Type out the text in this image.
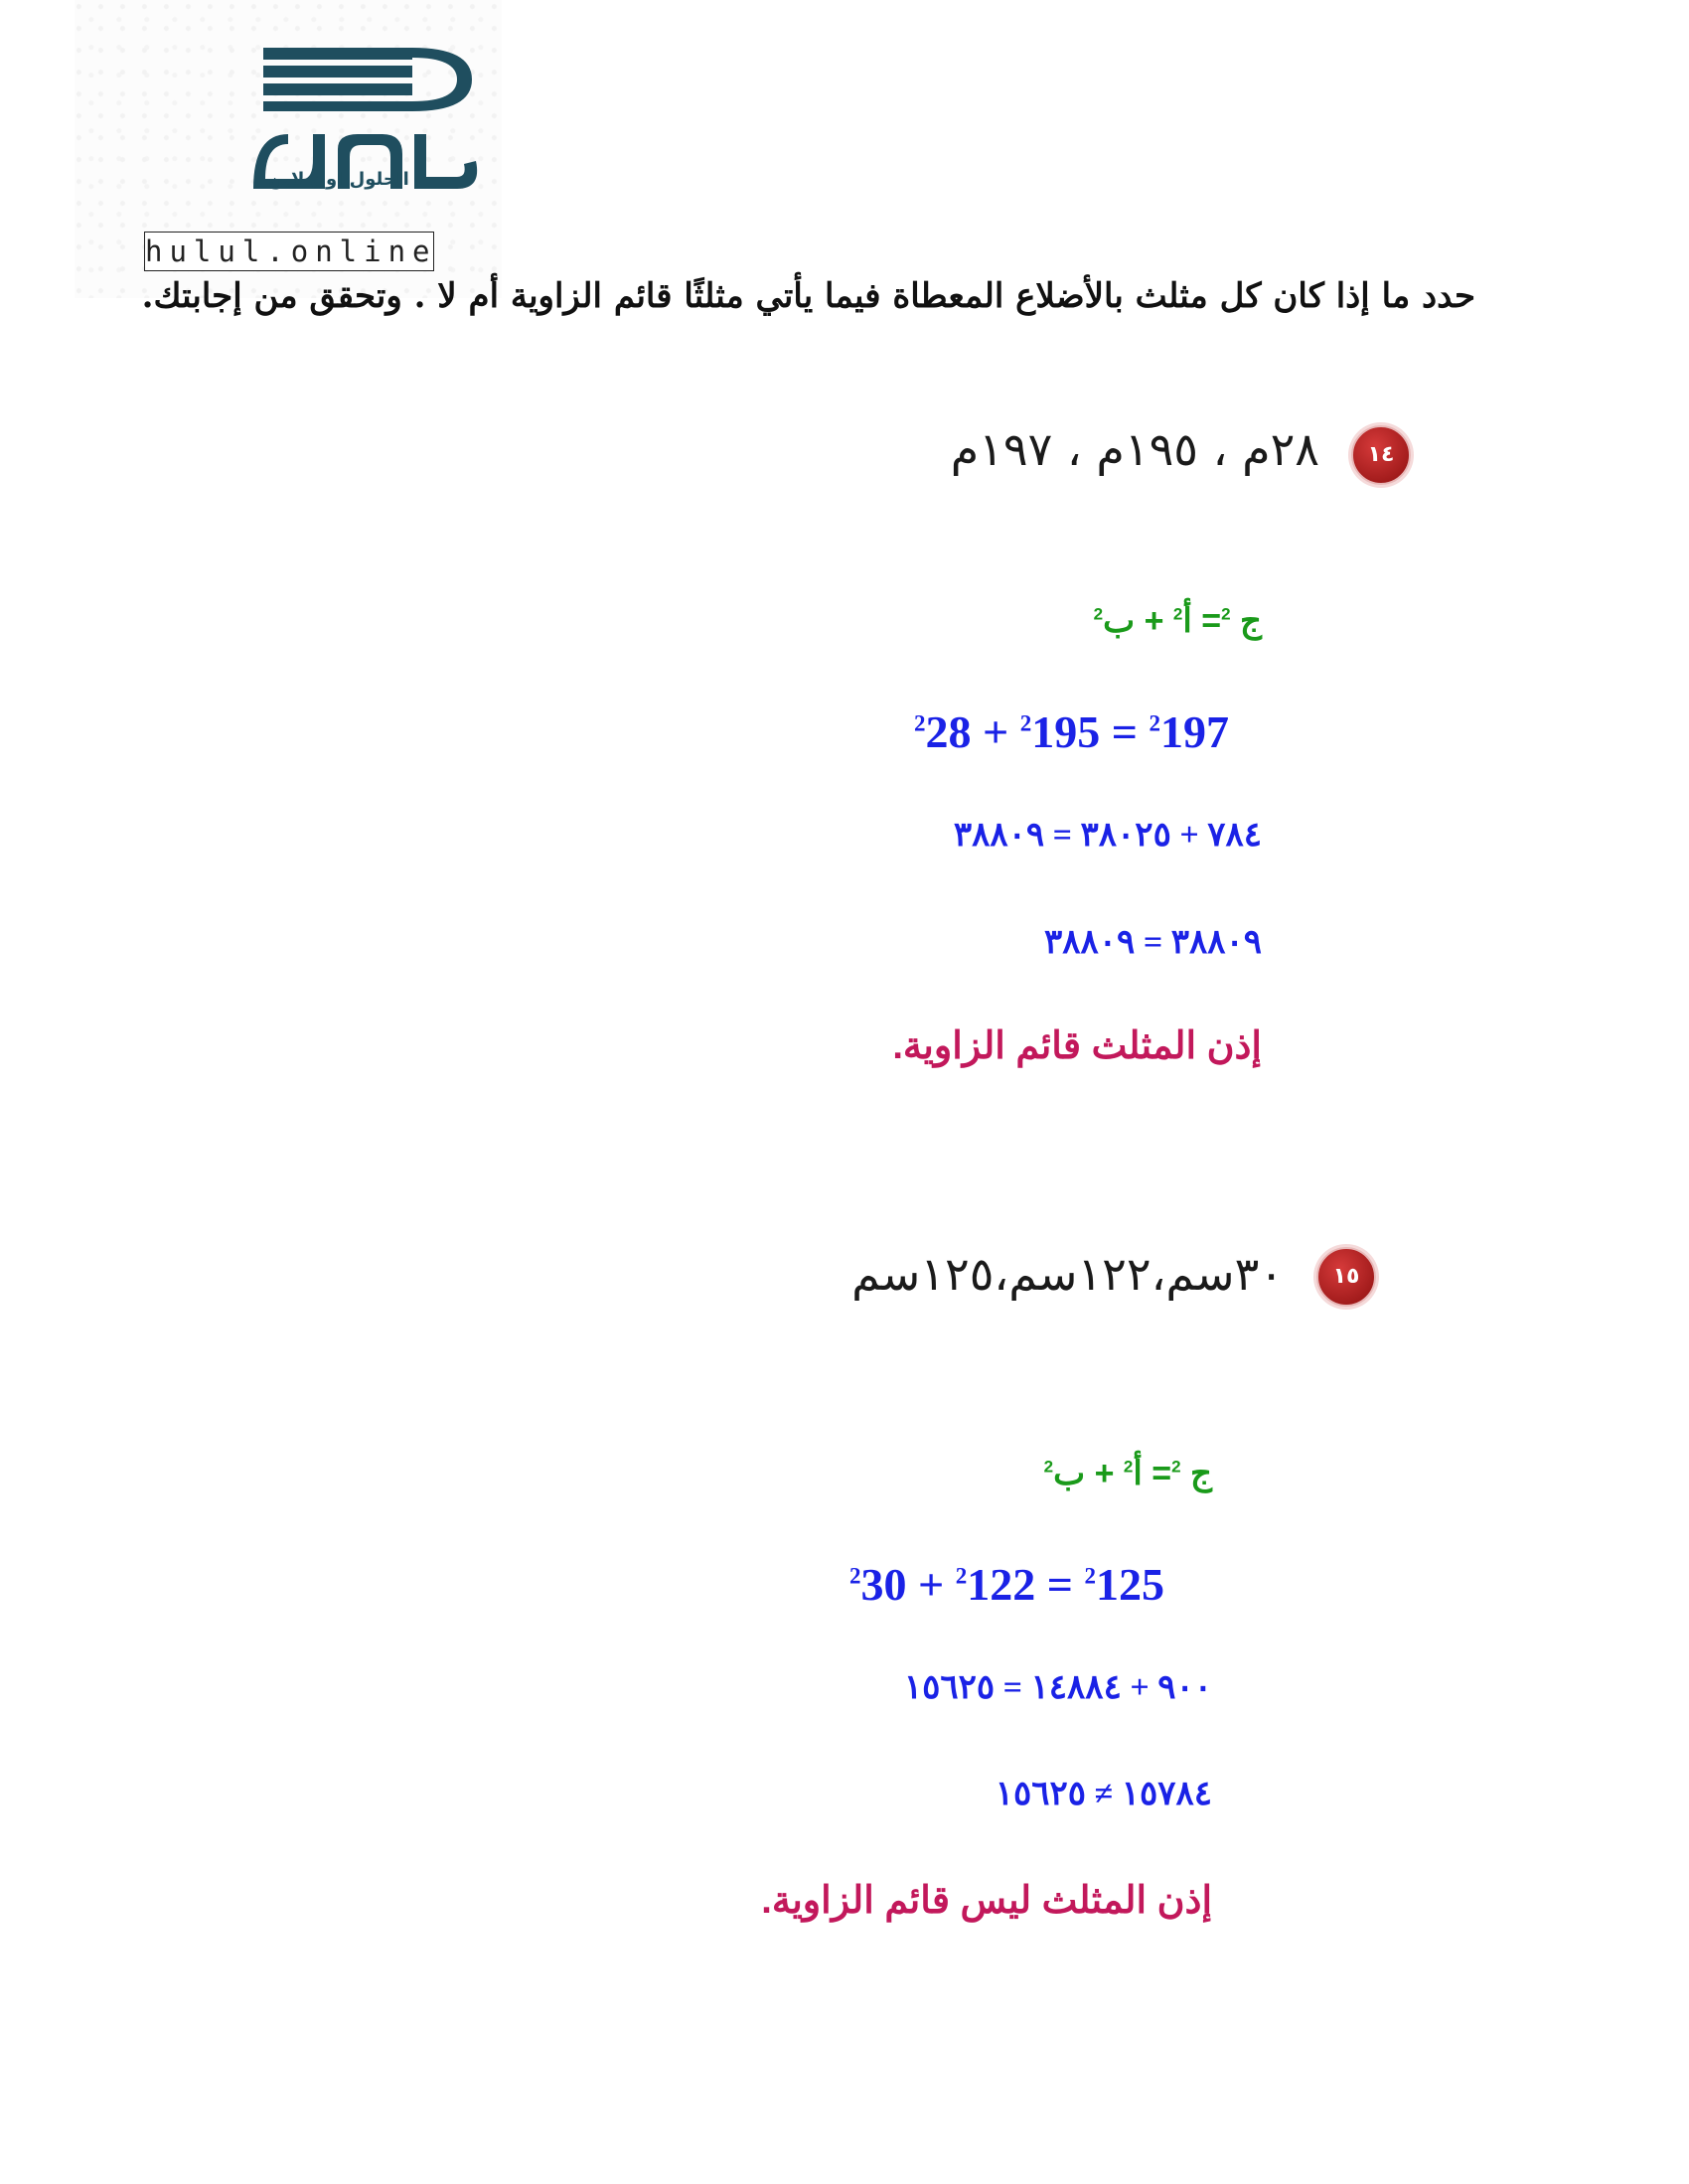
الحلول اون لاين
hulul.online
حدد ما إذا كان كل مثلث بالأضلاع المعطاة فيما يأتي مثلثًا قائم الزاوية أم لا . وتحقق من إجابتك.
١٤
٢٨م ، ١٩٥م ، ١٩٧م
ج $^2$= أ$^2$ + ب$^2$
$^2$28 + $^2$195 = $^2$197
٧٨٤ + ٣٨٠٢٥ = ٣٨٨٠٩
٣٨٨٠٩ = ٣٨٨٠٩
إذن المثلث قائم الزاوية.
١٥
٣٠سم،١٢٢سم،١٢٥سم
ج $^2$= أ$^2$ + ب$^2$
$^2$30 + $^2$122 = $^2$125
٩٠٠ + ١٤٨٨٤ = ١٥٦٢٥
١٥٧٨٤ ≠ ١٥٦٢٥
إذن المثلث ليس قائم الزاوية.
